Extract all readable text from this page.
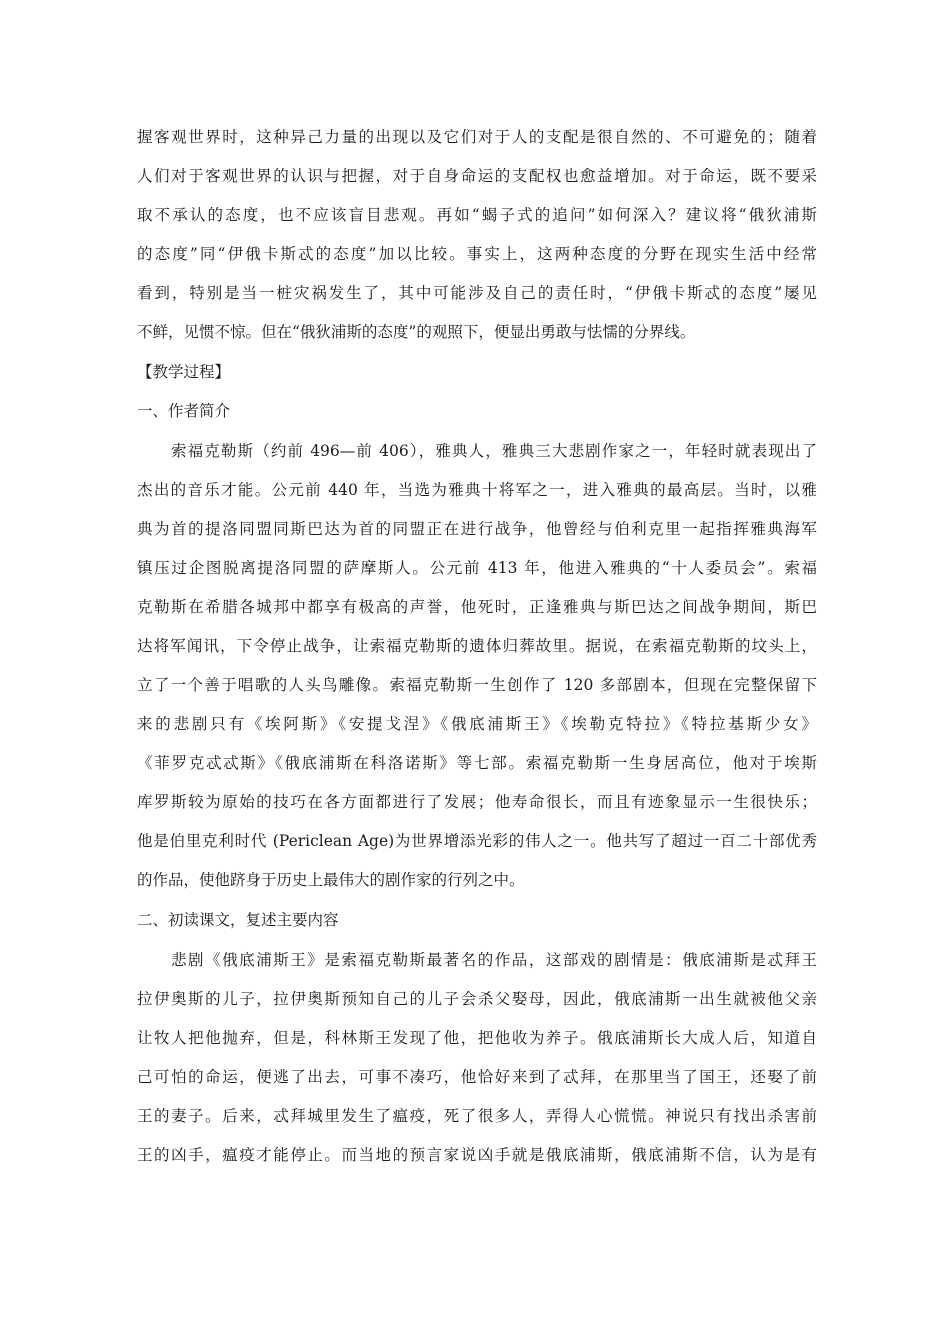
握客观世界时，这种异己力量的出现以及它们对于人的支配是很自然的、不可避免的；随着
人们对于客观世界的认识与把握，对于自身命运的支配权也愈益增加。对于命运，既不要采
取不承认的态度，也不应该盲目悲观。再如“蝎子式的追问”如何深入？建议将“俄狄浦斯
的态度”同“伊俄卡斯忒的态度”加以比较。事实上，这两种态度的分野在现实生活中经常
看到，特别是当一桩灾祸发生了，其中可能涉及自己的责任时，“伊俄卡斯忒的态度”屡见
不鲜，见惯不惊。但在“俄狄浦斯的态度”的观照下，便显出勇敢与怯懦的分界线。
【教学过程】
一、作者简介
索福克勒斯（约前 496—前 406），雅典人，雅典三大悲剧作家之一，年轻时就表现出了
杰出的音乐才能。公元前 440 年，当选为雅典十将军之一，进入雅典的最高层。当时，以雅
典为首的提洛同盟同斯巴达为首的同盟正在进行战争，他曾经与伯利克里一起指挥雅典海军
镇压过企图脱离提洛同盟的萨摩斯人。公元前 413 年，他进入雅典的“十人委员会”。索福
克勒斯在希腊各城邦中都享有极高的声誉，他死时，正逢雅典与斯巴达之间战争期间，斯巴
达将军闻讯，下令停止战争，让索福克勒斯的遗体归葬故里。据说，在索福克勒斯的坟头上，
立了一个善于唱歌的人头鸟雕像。索福克勒斯一生创作了 120 多部剧本，但现在完整保留下
来的悲剧只有《埃阿斯》《安提戈涅》《俄底浦斯王》《埃勒克特拉》《特拉基斯少女》
《菲罗克忒忒斯》《俄底浦斯在科洛诺斯》等七部。索福克勒斯一生身居高位，他对于埃斯
库罗斯较为原始的技巧在各方面都进行了发展；他寿命很长，而且有迹象显示一生很快乐；
他是伯里克利时代 (Periclean Age)为世界增添光彩的伟人之一。他共写了超过一百二十部优秀
的作品，使他跻身于历史上最伟大的剧作家的行列之中。
二、初读课文，复述主要内容
悲剧《俄底浦斯王》是索福克勒斯最著名的作品，这部戏的剧情是：俄底浦斯是忒拜王
拉伊奥斯的儿子，拉伊奥斯预知自己的儿子会杀父娶母，因此，俄底浦斯一出生就被他父亲
让牧人把他抛弃，但是，科林斯王发现了他，把他收为养子。俄底浦斯长大成人后，知道自
己可怕的命运，便逃了出去，可事不凑巧，他恰好来到了忒拜，在那里当了国王，还娶了前
王的妻子。后来，忒拜城里发生了瘟疫，死了很多人，弄得人心慌慌。神说只有找出杀害前
王的凶手，瘟疫才能停止。而当地的预言家说凶手就是俄底浦斯，俄底浦斯不信，认为是有
